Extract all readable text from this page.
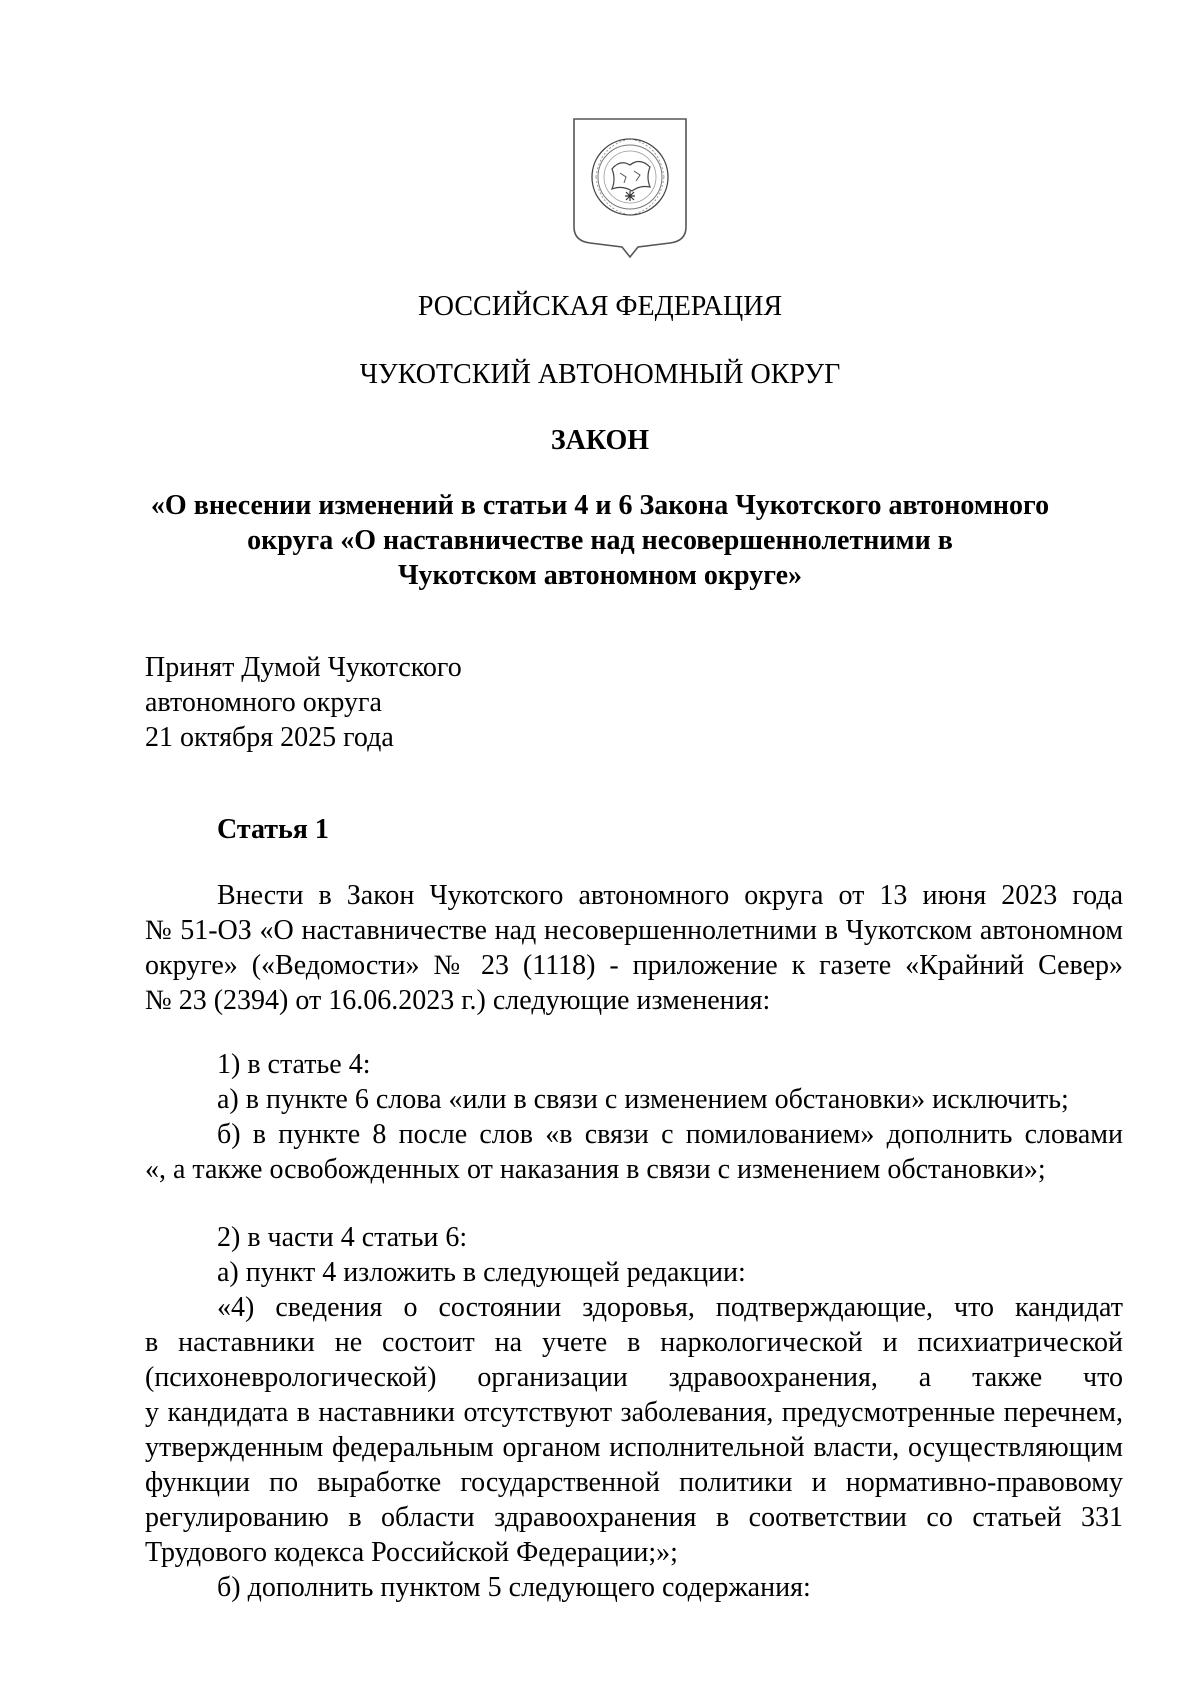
РОССИЙСКАЯ ФЕДЕРАЦИЯ
ЧУКОТСКИЙ АВТОНОМНЫЙ ОКРУГ
ЗАКОН
«О внесении изменений в статьи 4 и 6 Закона Чукотского автономного
округа «О наставничестве над несовершеннолетними в
Чукотском автономном округе»
Принят Думой Чукотского
автономного округа
21 октября 2025 года
Статья 1
Внести в Закон Чукотского автономного округа от 13 июня 2023 года
№ 51-ОЗ «О наставничестве над несовершеннолетними в Чукотском автономном
округе» («Ведомости» № 23 (1118) - приложение к газете «Крайний Север»
№ 23 (2394) от 16.06.2023 г.) следующие изменения:
1) в статье 4:
а) в пункте 6 слова «или в связи с изменением обстановки» исключить;
б) в пункте 8 после слов «в связи с помилованием» дополнить словами
«, а также освобожденных от наказания в связи с изменением обстановки»;
2) в части 4 статьи 6:
а) пункт 4 изложить в следующей редакции:
«4) сведения о состоянии здоровья, подтверждающие, что кандидат
в наставники не состоит на учете в наркологической и психиатрической
(психоневрологической) организации здравоохранения, а также что
у кандидата в наставники отсутствуют заболевания, предусмотренные перечнем,
утвержденным федеральным органом исполнительной власти, осуществляющим
функции по выработке государственной политики и нормативно-правовому
регулированию в области здравоохранения в соответствии со статьей 331
Трудового кодекса Российской Федерации;»;
б) дополнить пунктом 5 следующего содержания:
